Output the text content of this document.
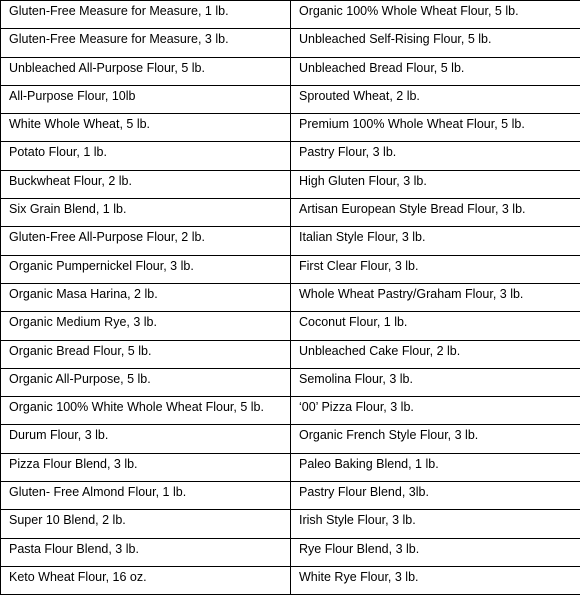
Gluten-Free Measure for Measure, 1 lb.	Organic 100% Whole Wheat Flour, 5 lb.
Gluten-Free Measure for Measure, 3 lb.	Unbleached Self-Rising Flour, 5 lb.
Unbleached All-Purpose Flour, 5 lb.	Unbleached Bread Flour, 5 lb.
All-Purpose Flour, 10lb	Sprouted Wheat, 2 lb.
White Whole Wheat, 5 lb.	Premium 100% Whole Wheat Flour, 5 lb.
Potato Flour, 1 lb.	Pastry Flour, 3 lb.
Buckwheat Flour, 2 lb.	High Gluten Flour, 3 lb.
Six Grain Blend, 1 lb.	Artisan European Style Bread Flour, 3 lb.
Gluten-Free All-Purpose Flour, 2 lb.	Italian Style Flour, 3 lb.
Organic Pumpernickel Flour, 3 lb.	First Clear Flour, 3 lb.
Organic Masa Harina, 2 lb.	Whole Wheat Pastry/Graham Flour, 3 lb.
Organic Medium Rye, 3 lb.	Coconut Flour, 1 lb.
Organic Bread Flour, 5 lb.	Unbleached Cake Flour, 2 lb.
Organic All-Purpose, 5 lb.	Semolina Flour, 3 lb.
Organic 100% White Whole Wheat Flour, 5 lb.	‘00’ Pizza Flour, 3 lb.
Durum Flour, 3 lb.	Organic French Style Flour, 3 lb.
Pizza Flour Blend, 3 lb.	Paleo Baking Blend, 1 lb.
Gluten- Free Almond Flour, 1 lb.	Pastry Flour Blend, 3lb.
Super 10 Blend, 2 lb.	Irish Style Flour, 3 lb.
Pasta Flour Blend, 3 lb.	Rye Flour Blend, 3 lb.
Keto Wheat Flour, 16 oz.	White Rye Flour, 3 lb.
